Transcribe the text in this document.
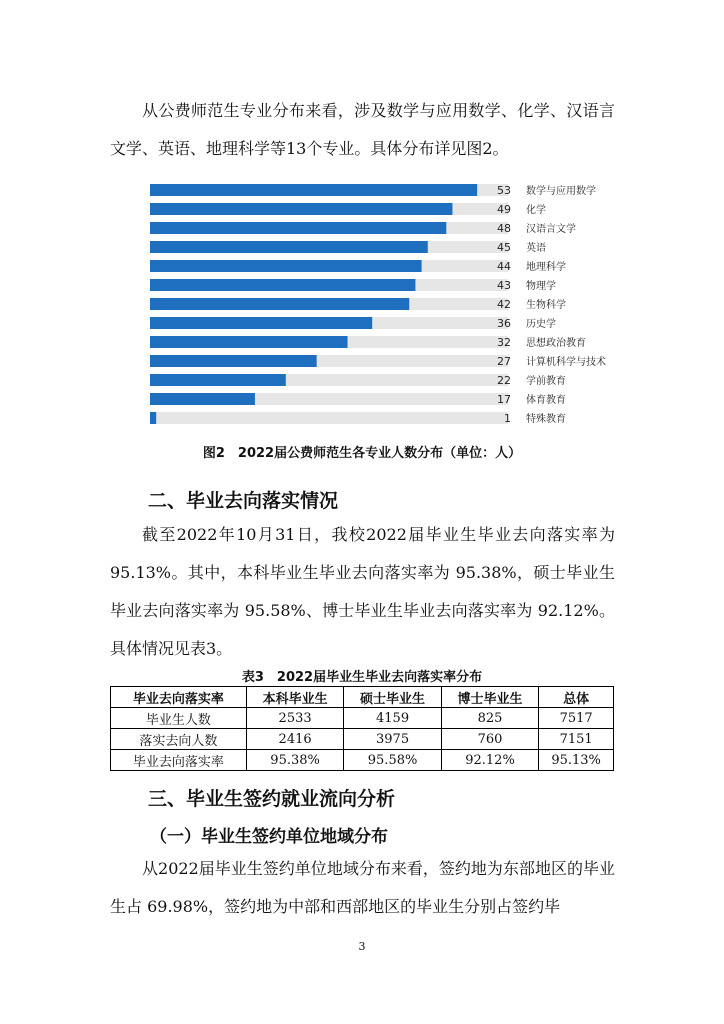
从公费师范生专业分布来看，涉及数学与应用数学、化学、汉语言文学、英语、地理科学等13个专业。具体分布详见图2。
53 数学与应用数学
49 化学
48 汉语言文学
45 英语
44 地理科学
43 物理学
42 生物科学
36 历史学
32 思想政治教育
27 计算机科学与技术
22 学前教育
17 体育教育
1 特殊教育
图2　2022届公费师范生各专业人数分布（单位：人）
二、毕业去向落实情况
截至2022年10月31日，我校2022届毕业生毕业去向落实率为95.13%。其中，本科毕业生毕业去向落实率为 95.38%，硕士毕业生毕业去向落实率为 95.58%、博士毕业生毕业去向落实率为 92.12%。具体情况见表3。
表3　2022届毕业生毕业去向落实率分布
毕业去向落实率	本科毕业生	硕士毕业生	博士毕业生	总体
毕业生人数	2533	4159	825	7517
落实去向人数	2416	3975	760	7151
毕业去向落实率	95.38%	95.58%	92.12%	95.13%
三、毕业生签约就业流向分析
（一）毕业生签约单位地域分布
从2022届毕业生签约单位地域分布来看，签约地为东部地区的毕业生占 69.98%，签约地为中部和西部地区的毕业生分别占签约毕
3
